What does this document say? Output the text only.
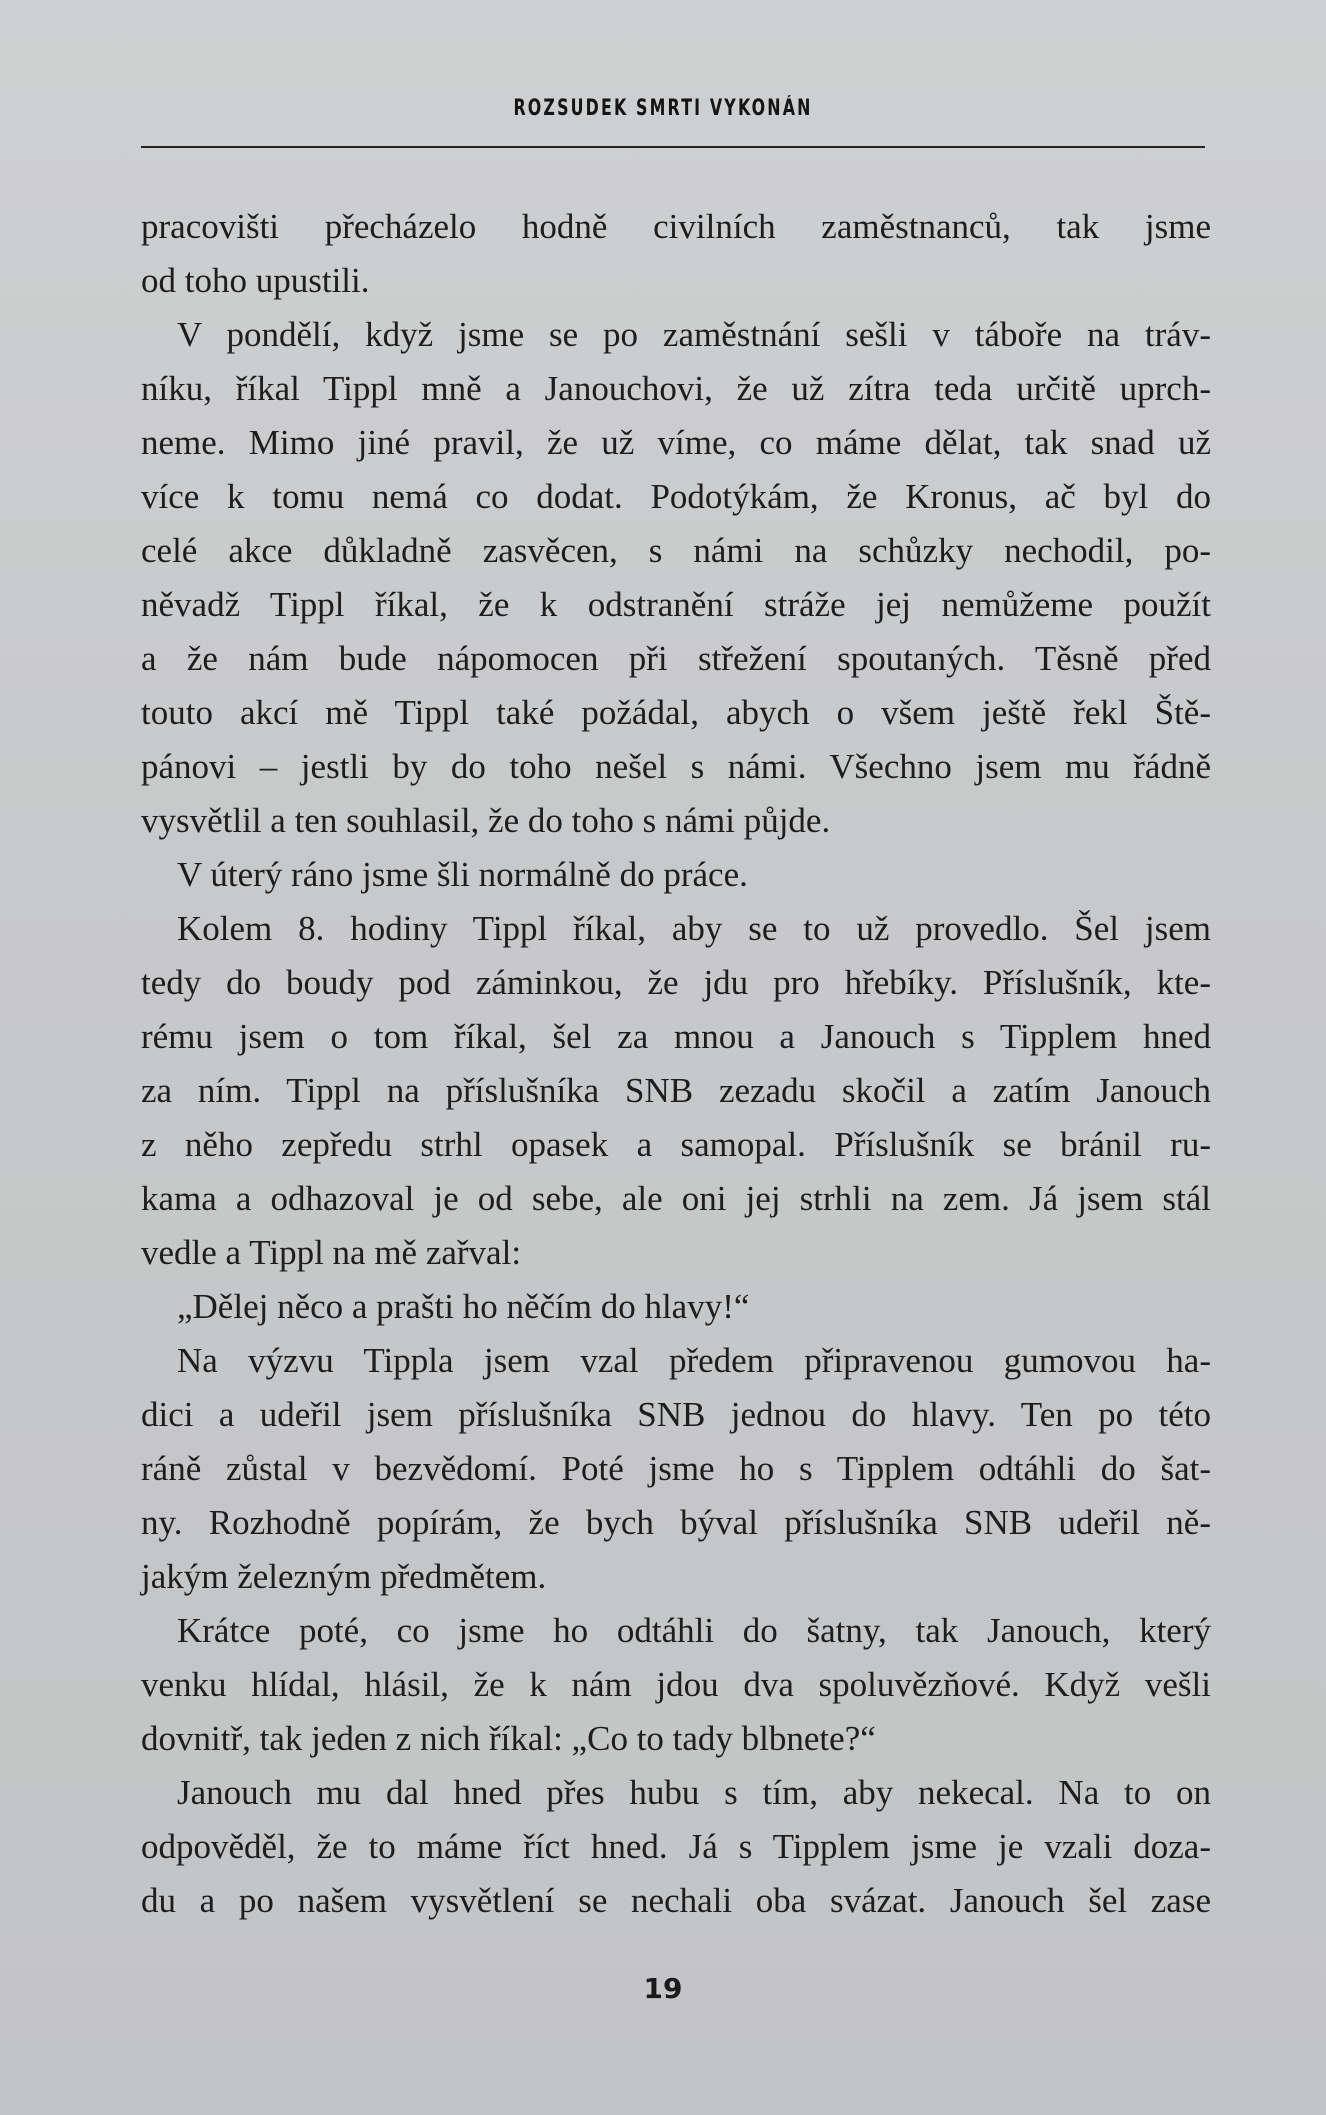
ROZSUDEK SMRTI VYKONÁN
pracovišti přecházelo hodně civilních zaměstnanců, tak jsme
od toho upustili.
V pondělí, když jsme se po zaměstnání sešli v táboře na tráv-
níku, říkal Tippl mně a Janouchovi, že už zítra teda určitě uprch-
neme. Mimo jiné pravil, že už víme, co máme dělat, tak snad už
více k tomu nemá co dodat. Podotýkám, že Kronus, ač byl do
celé akce důkladně zasvěcen, s námi na schůzky nechodil, po-
něvadž Tippl říkal, že k odstranění stráže jej nemůžeme použít
a že nám bude nápomocen při střežení spoutaných. Těsně před
touto akcí mě Tippl také požádal, abych o všem ještě řekl Ště-
pánovi – jestli by do toho nešel s námi. Všechno jsem mu řádně
vysvětlil a ten souhlasil, že do toho s námi půjde.
V úterý ráno jsme šli normálně do práce.
Kolem 8. hodiny Tippl říkal, aby se to už provedlo. Šel jsem
tedy do boudy pod záminkou, že jdu pro hřebíky. Příslušník, kte-
rému jsem o tom říkal, šel za mnou a Janouch s Tipplem hned
za ním. Tippl na příslušníka SNB zezadu skočil a zatím Janouch
z něho zepředu strhl opasek a samopal. Příslušník se bránil ru-
kama a odhazoval je od sebe, ale oni jej strhli na zem. Já jsem stál
vedle a Tippl na mě zařval:
„Dělej něco a prašti ho něčím do hlavy!“
Na výzvu Tippla jsem vzal předem připravenou gumovou ha-
dici a udeřil jsem příslušníka SNB jednou do hlavy. Ten po této
ráně zůstal v bezvědomí. Poté jsme ho s Tipplem odtáhli do šat-
ny. Rozhodně popírám, že bych býval příslušníka SNB udeřil ně-
jakým železným předmětem.
Krátce poté, co jsme ho odtáhli do šatny, tak Janouch, který
venku hlídal, hlásil, že k nám jdou dva spoluvězňové. Když vešli
dovnitř, tak jeden z nich říkal: „Co to tady blbnete?“
Janouch mu dal hned přes hubu s tím, aby nekecal. Na to on
odpověděl, že to máme říct hned. Já s Tipplem jsme je vzali doza-
du a po našem vysvětlení se nechali oba svázat. Janouch šel zase
19
